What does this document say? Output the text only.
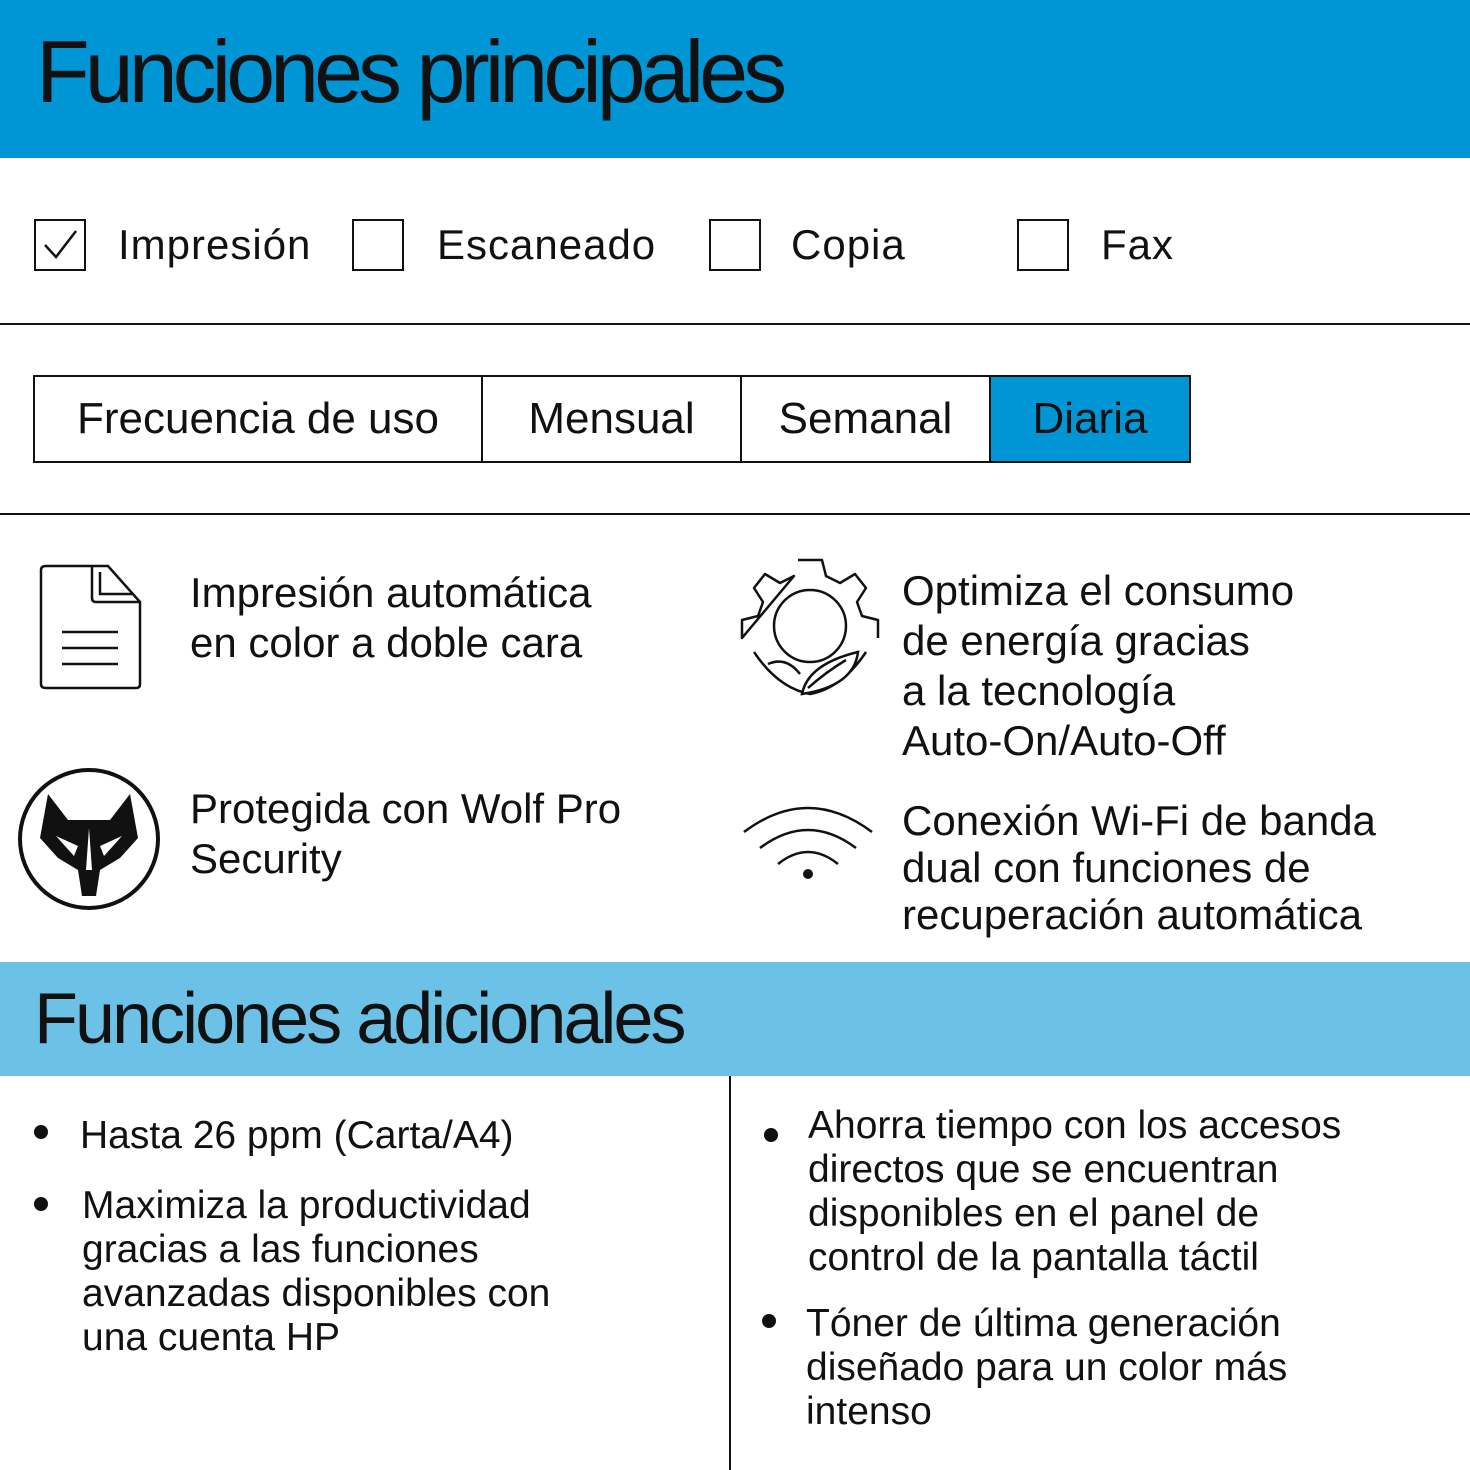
Funciones principales
Impresión	Escaneado	Copia	Fax
Frecuencia de uso	Mensual	Semanal	Diaria
Impresión automática
en color a doble cara
Optimiza el consumo
de energía gracias
a la tecnología
Auto-On/Auto-Off
Protegida con Wolf Pro
Security
Conexión Wi-Fi de banda
dual con funciones de
recuperación automática
Funciones adicionales
Hasta 26 ppm (Carta/A4)
Maximiza la productividad
gracias a las funciones
avanzadas disponibles con
una cuenta HP
Ahorra tiempo con los accesos
directos que se encuentran
disponibles en el panel de
control de la pantalla táctil
Tóner de última generación
diseñado para un color más
intenso
